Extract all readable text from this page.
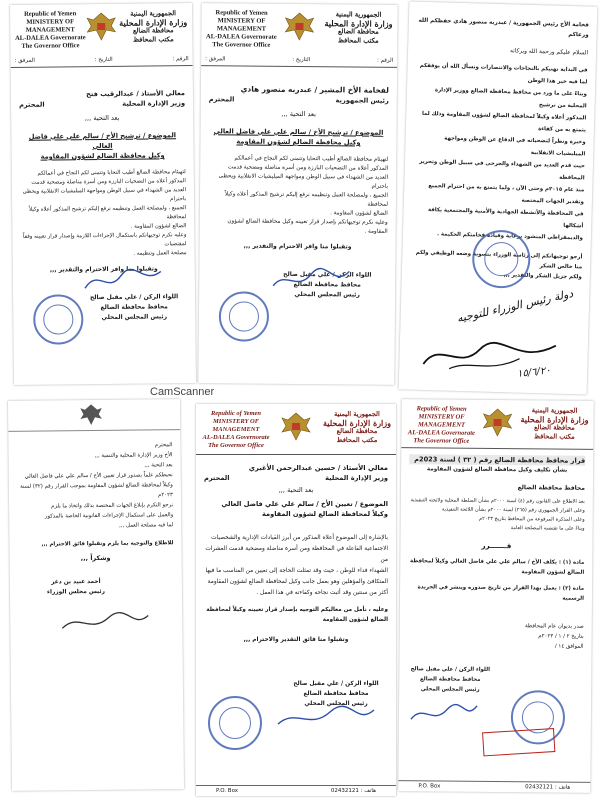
Republic of Yemen
MINISTERY OF MANAGEMENT
AL-DALEA Governorate
The Governor Office
الجمهورية اليمنية
وزارة الإدارة المحلية
محافظة الضالع
مكتب المحافظ
الرقم :
التاريخ :
المرفق :
معالي الأستاذ / عبدالرقيب فتح
وزير الإدارة المحلية
المحترم
بعد التحية ,,,
الموضوع / ترشيح الأخ / سالم علي علي فاضل العالي
وكيل محافظة الضالع لشؤون المقاومة
لتهيئام محافظة الضالع أطيب التحايا وتتمنى لكم النجاح في أعمالكم
المذكور أعلاه من التضحيات البارزة ومن أسرة مناضلة ومضحية قدمت
العديد من الشهداء في سبيل الوطن ومواجهة الميليشيات الانقلابية ويحظى باحترام
الجميع ، ولمصلحة العمل وتنظيمه نرفع إليكم ترشيح المذكور أعلاه وكيلاً لمحافظة
الضالع لشؤون المقاومة .
وعليه نكرم توجيهاتكم باستكمال الإجراءات اللازمة وإصدار قرار تعيينه وفقاً لمقتضيات
مصلحة العمل وتنظيمه .
وتقبلوا منا وافر الاحترام والتقدير ,,,
اللواء الركن / علي مقبل صالح
محافظ محافظة الضالع
رئيس المجلس المحلي
Republic of Yemen
MINISTERY OF MANAGEMENT
AL-DALEA Governorate
The Governor Office
الجمهورية اليمنية
وزارة الإدارة المحلية
محافظة الضالع
مكتب المحافظ
الرقم :
التاريخ :
المرفق :
لفخامة الأخ المشير / عبدربه منصور هادي
رئيس الجمهورية
المحترم
بعد التحية ,,,
الموضوع / ترشيح الأخ / سالم علي علي فاضل العالي
وكيل محافظة الضالع لشؤون المقاومة
لتهيئام محافظة الضالع أطيب التحايا وتتمنى لكم النجاح في أعمالكم
المذكور أعلاه من التضحيات البارزة ومن أسرة مناضلة ومضحية قدمت
العديد من الشهداء في سبيل الوطن ومواجهة الميليشيات الانقلابية ويحظى باحترام
الجميع ، ولمصلحة العمل وتنظيمه نرفع إليكم ترشيح المذكور أعلاه وكيلاً لمحافظة
الضالع لشؤون المقاومة .
وعليه نكرم توجيهاتكم بإصدار قرار تعيينه وكيل محافظة الضالع لشؤون
المقاومة .
وتقبلوا منا وافر الاحترام والتقدير ,,,
اللواء الركن / علي مقبل صالح
محافظ محافظة الضالع
رئيس المجلس المحلي
فخامة الأخ رئيس الجمهورية / عبدربه منصور هادي حفظكم الله ورعاكم
السلام عليكم ورحمة الله وبركاته
في البداية نهنيكم بالنجاحات والانتصارات ونسأل الله أن يوفقكم لما فيه خير هذا الوطن
وبناءً على ما ورد من محافظ محافظة الضالع ووزير الإدارة المحلية من ترشيح
المذكور أعلاه وكيلاً لمحافظة الضالع لشؤون المقاومة وذلك لما يتمتع به من كفاءة
وخبرة ونظراً لتضحياته في الدفاع عن الوطن ومواجهة الميليشيات الانقلابية
حيث قدم العديد من الشهداء والجرحى في سبيل الوطن وتحرير المحافظة
منذ عام ٢٠١٥م وحتى الآن ، ولما يتمتع به من احترام الجميع وتقدير الجهات المختصة
في المحافظة والأنشطة الجهادية والأمنية والمجتمعية بكافة أشكالها
والديمقراطي المنشود برعاية وقيادة فخامتكم الحكيمة .
أرجو توجيهاتكم إلى رئاسة الوزراء بتسوية وضعه الوظيفي ولكم منا خالص الشكر
ولكم جزيل الشكر والتقدير ,,,
دولة رئيس الوزراء للتوجيه
١٥/٦/٢٠
CamScanner
المحترم
الأخ وزير الإدارة المحلية والتنمية ,,,
بعد التحية ,,,
نحيطكم علماً بصدور قرار تعيين الأخ / سالم علي علي فاضل العالي
وكيلاً لمحافظة الضالع لشؤون المقاومة بموجب القرار رقم (٣٢) لسنة ٢٠٢٣م
نرجو التكرم بإبلاغ الجهات المختصة بذلك واتخاذ ما يلزم
والعمل على استكمال الإجراءات القانونية الخاصة بالمذكور
لما فيه مصلحة العمل ,,,
للاطلاع والتوجيه بما يلزم وتقبلوا فائق الاحترام ,,,
وشكراً ,,,
أحمد عبيد بن دغر
رئيس مجلس الوزراء
Republic of Yemen
MINISTERY OF MANAGEMENT
AL-DALEA Governorate
The Governor Office
الجمهورية اليمنية
وزارة الإدارة المحلية
محافظة الضالع
مكتب المحافظ
معالي الأستاذ / حسين عبدالرحمن الأغبري
وزير الإدارة المحلية
المحترم
بعد التحية ,,,
الموضوع / تعيين الأخ / سالم علي علي فاضل العالي
وكيلاً لمحافظة الضالع لشؤون المقاومة
بالإشارة إلى الموضوع أعلاه المذكور من أبرز القيادات الإدارية والشخصيات
الاجتماعية الفاعلة في المحافظة ومن أسرة مناضلة ومضحية قدمت العشرات من
الشهداء فداء للوطن ، حيث وقد تمثلت الحاجة إلى تعيين من المناسب ما فيها
المتكافئ والمؤهلين وهو بعمل جانب وكيل لمحافظة الضالع لشؤون المقاومة
أكثر من سنتين وقد أثبت نجاحه وكفاءته في هذا العمل .
وعليه ، نأمل من معاليكم التوجيه بإصدار قرار تعيينه وكيلاً لمحافظة الضالع لشؤون المقاومة
وتقبلوا منا فائق التقدير والاحترام ,,,
اللواء الركن / علي مقبل صالح
محافظ محافظة الضالع
رئيس المجلس المحلي
P.O. Box	هاتف : 02432121
Republic of Yemen
MINISTERY OF MANAGEMENT
AL-DALEA Governorate
The Governor Office
الجمهورية اليمنية
وزارة الإدارة المحلية
محافظة الضالع
مكتب المحافظ
قرار محافظ محافظة الضالع رقم ( ٣٢ ) لسنة 2023م
بشأن تكليف وكيل محافظة الضالع لشؤون المقاومة
محافظ محافظة الضالع
بعد الاطلاع على القانون رقم (٤) لسنة ٢٠٠٠م بشأن السلطة المحلية ولائحته التنفيذية
وعلى القرار الجمهوري رقم (٢٦٥) لسنة ٢٠٠٠م بشأن اللائحة التنفيذية
وعلى المذكرة المرفوعة من المحافظ بتاريخ ٢٠٢٣م
وبناءً على ما تقتضيه المصلحة العامة
قـــــــرر
مادة (١) : يكلف الأخ / سالم علي علي فاضل العالي وكيلاً لمحافظة الضالع لشؤون المقاومة
مادة (٢) : يعمل بهذا القرار من تاريخ صدوره وينشر في الجريدة الرسمية
صدر بديوان عام المحافظة
بتاريخ ٢ / ١ / ٢٠٢٣م
الموافق ١٤ /
اللواء الركن / علي مقبل صالح
محافظ محافظة الضالع
رئيس المجلس المحلي
P.O. Box	هاتف : 02432121
